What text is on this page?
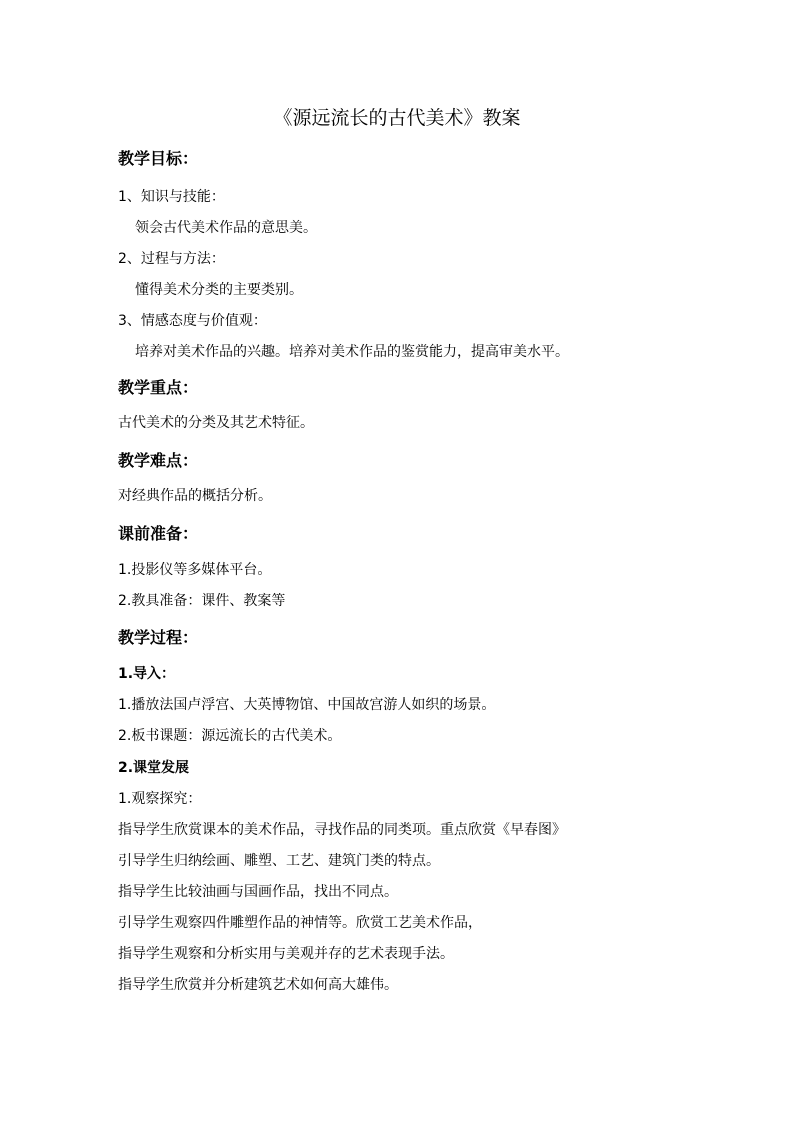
《源远流长的古代美术》教案
教学目标：
1、知识与技能：
领会古代美术作品的意思美。
2、过程与方法：
懂得美术分类的主要类别。
3、情感态度与价值观：
培养对美术作品的兴趣。培养对美术作品的鉴赏能力，提高审美水平。
教学重点：
古代美术的分类及其艺术特征。
教学难点：
对经典作品的概括分析。
课前准备：
1.投影仪等多媒体平台。
2.教具准备：课件、教案等
教学过程：
1.导入：
1.播放法国卢浮宫、大英博物馆、中国故宫游人如织的场景。
2.板书课题：源远流长的古代美术。
2.课堂发展
1.观察探究：
指导学生欣赏课本的美术作品，寻找作品的同类项。重点欣赏《早春图》
引导学生归纳绘画、雕塑、工艺、建筑门类的特点。
指导学生比较油画与国画作品，找出不同点。
引导学生观察四件雕塑作品的神情等。欣赏工艺美术作品，
指导学生观察和分析实用与美观并存的艺术表现手法。
指导学生欣赏并分析建筑艺术如何高大雄伟。
